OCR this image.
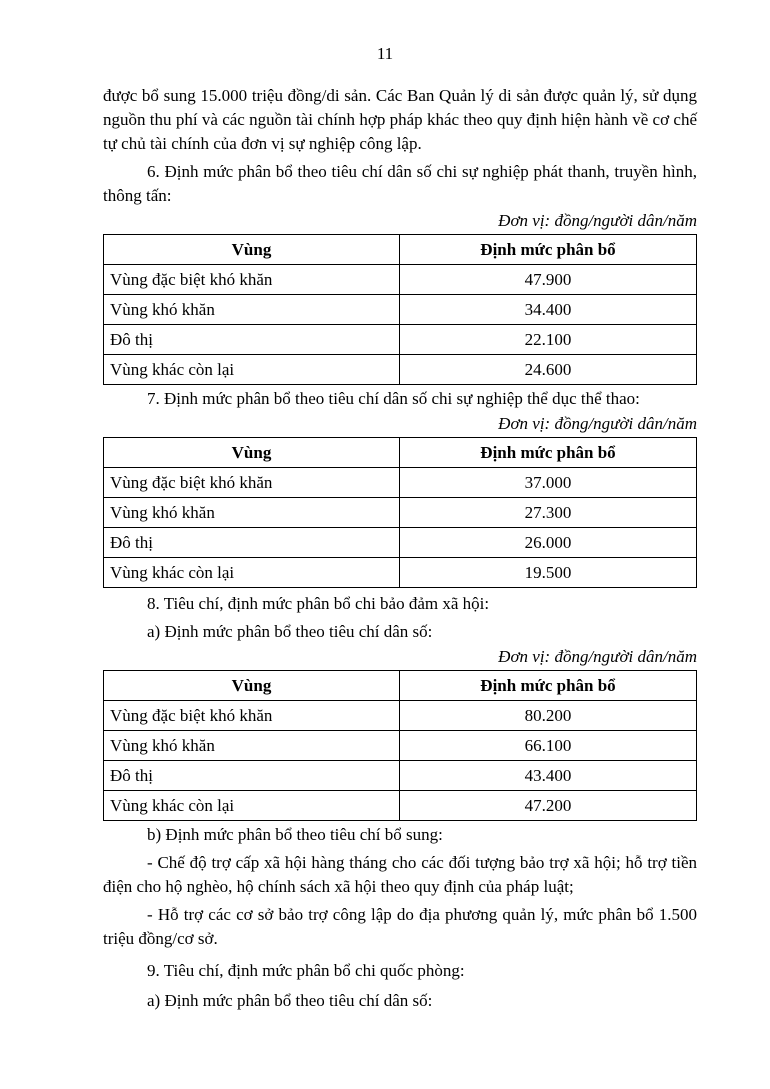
11

được bổ sung 15.000 triệu đồng/di sản. Các Ban Quản lý di sản được quản lý, sử dụng nguồn thu phí và các nguồn tài chính hợp pháp khác theo quy định hiện hành về cơ chế tự chủ tài chính của đơn vị sự nghiệp công lập.

6. Định mức phân bổ theo tiêu chí dân số chi sự nghiệp phát thanh, truyền hình, thông tấn:

Đơn vị: đồng/người dân/năm

Vùng	Định mức phân bổ
Vùng đặc biệt khó khăn	47.900
Vùng khó khăn	34.400
Đô thị	22.100
Vùng khác còn lại	24.600

7. Định mức phân bổ theo tiêu chí dân số chi sự nghiệp thể dục thể thao:

Đơn vị: đồng/người dân/năm

Vùng	Định mức phân bổ
Vùng đặc biệt khó khăn	37.000
Vùng khó khăn	27.300
Đô thị	26.000
Vùng khác còn lại	19.500

8. Tiêu chí, định mức phân bổ chi bảo đảm xã hội:

a) Định mức phân bổ theo tiêu chí dân số:

Đơn vị: đồng/người dân/năm

Vùng	Định mức phân bổ
Vùng đặc biệt khó khăn	80.200
Vùng khó khăn	66.100
Đô thị	43.400
Vùng khác còn lại	47.200

b) Định mức phân bổ theo tiêu chí bổ sung:

- Chế độ trợ cấp xã hội hàng tháng cho các đối tượng bảo trợ xã hội; hỗ trợ tiền điện cho hộ nghèo, hộ chính sách xã hội theo quy định của pháp luật;

- Hỗ trợ các cơ sở bảo trợ công lập do địa phương quản lý, mức phân bổ 1.500 triệu đồng/cơ sở.

9. Tiêu chí, định mức phân bổ chi quốc phòng:

a) Định mức phân bổ theo tiêu chí dân số:
